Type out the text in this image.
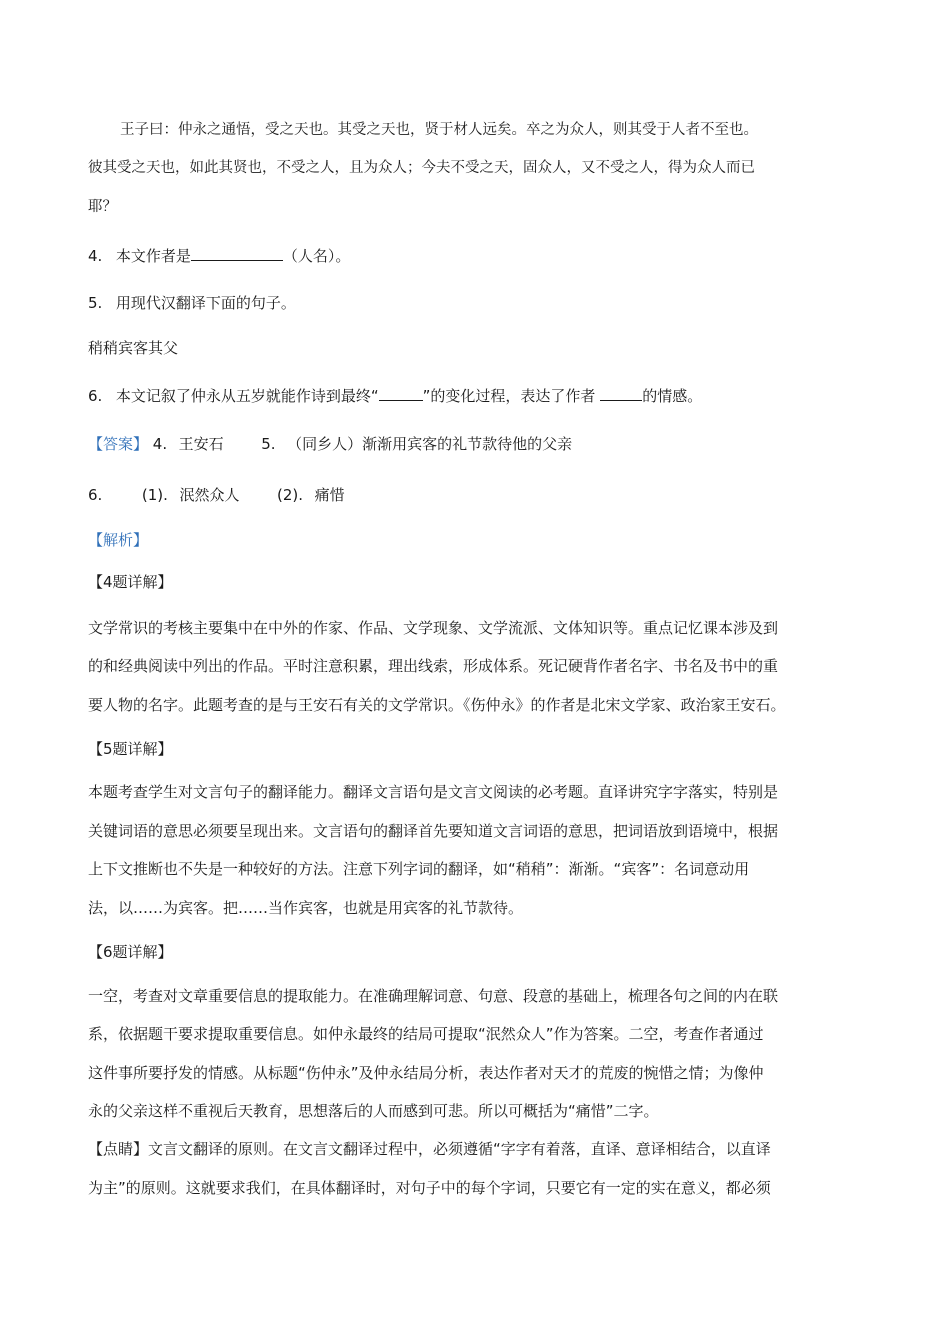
王子曰：仲永之通悟，受之天也。其受之天也，贤于材人远矣。卒之为众人，则其受于人者不至也。
彼其受之天也，如此其贤也，不受之人，且为众人；今夫不受之天，固众人，又不受之人，得为众人而已
耶？
4. 本文作者是	（人名）。
5. 用现代汉翻译下面的句子。
稍稍宾客其父
6. 本文记叙了仲永从五岁就能作诗到最终“	”的变化过程，表达了作者	的情感。
【答案】 4. 王安石	5. （同乡人）渐渐用宾客的礼节款待他的父亲
6.	(1). 泯然众人	(2). 痛惜
【解析】
【4题详解】
文学常识的考核主要集中在中外的作家、作品、文学现象、文学流派、文体知识等。重点记忆课本涉及到
的和经典阅读中列出的作品。平时注意积累，理出线索，形成体系。死记硬背作者名字、书名及书中的重
要人物的名字。此题考查的是与王安石有关的文学常识。《伤仲永》的作者是北宋文学家、政治家王安石。
【5题详解】
本题考查学生对文言句子的翻译能力。翻译文言语句是文言文阅读的必考题。直译讲究字字落实，特别是
关键词语的意思必须要呈现出来。文言语句的翻译首先要知道文言词语的意思，把词语放到语境中，根据
上下文推断也不失是一种较好的方法。注意下列字词的翻译，如“稍稍”：渐渐。“宾客”：名词意动用
法，以……为宾客。把……当作宾客，也就是用宾客的礼节款待。
【6题详解】
一空，考查对文章重要信息的提取能力。在准确理解词意、句意、段意的基础上，梳理各句之间的内在联
系，依据题干要求提取重要信息。如仲永最终的结局可提取“泯然众人”作为答案。二空，考查作者通过
这件事所要抒发的情感。从标题“伤仲永”及仲永结局分析，表达作者对天才的荒废的惋惜之情；为像仲
永的父亲这样不重视后天教育，思想落后的人而感到可悲。所以可概括为“痛惜”二字。
【点睛】文言文翻译的原则。在文言文翻译过程中，必须遵循“字字有着落，直译、意译相结合，以直译
为主”的原则。这就要求我们，在具体翻译时，对句子中的每个字词，只要它有一定的实在意义，都必须
